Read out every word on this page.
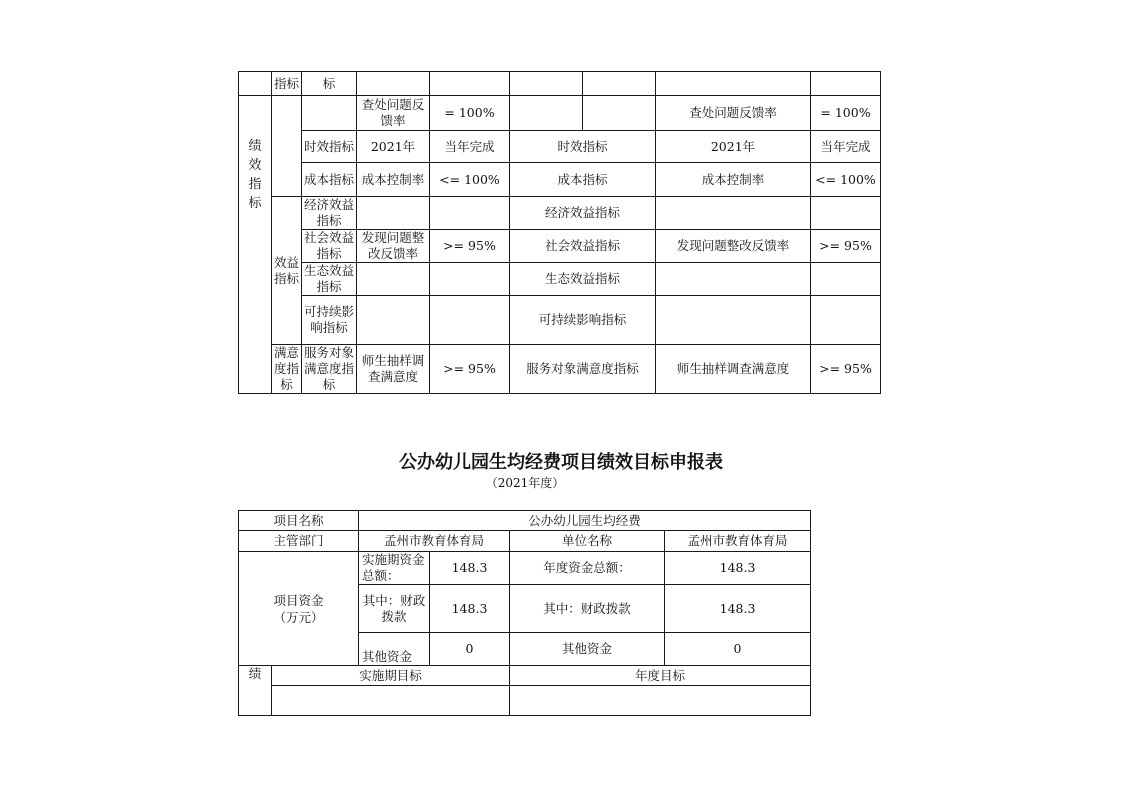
	指标	标						
			查处问题反馈率	= 100%			查处问题反馈率	= 100%
		时效指标	2021年	当年完成	时效指标		2021年	当年完成
		成本指标	成本控制率	<= 100%	成本指标		成本控制率	<= 100%
	效益指标	经济效益指标			经济效益指标			
		社会效益指标	发现问题整改反馈率	>= 95%	社会效益指标		发现问题整改反馈率	>= 95%
		生态效益指标			生态效益指标			
		可持续影响指标			可持续影响指标			
	满意度指标	服务对象满意度指标	师生抽样调查满意度	>= 95%	服务对象满意度指标		师生抽样调查满意度	>= 95%
绩效指标
公办幼儿园生均经费项目绩效目标申报表
（2021年度）
项目名称		公办幼儿园生均经费			
主管部门		孟州市教育体育局		单位名称	孟州市教育体育局
项目资金（万元）		实施期资金总额：	148.3	年度资金总额：	148.3
		其中：财政拨款	148.3	其中：财政拨款	148.3
		其他资金	0	其他资金	0
绩	实施期目标			年度目标	
